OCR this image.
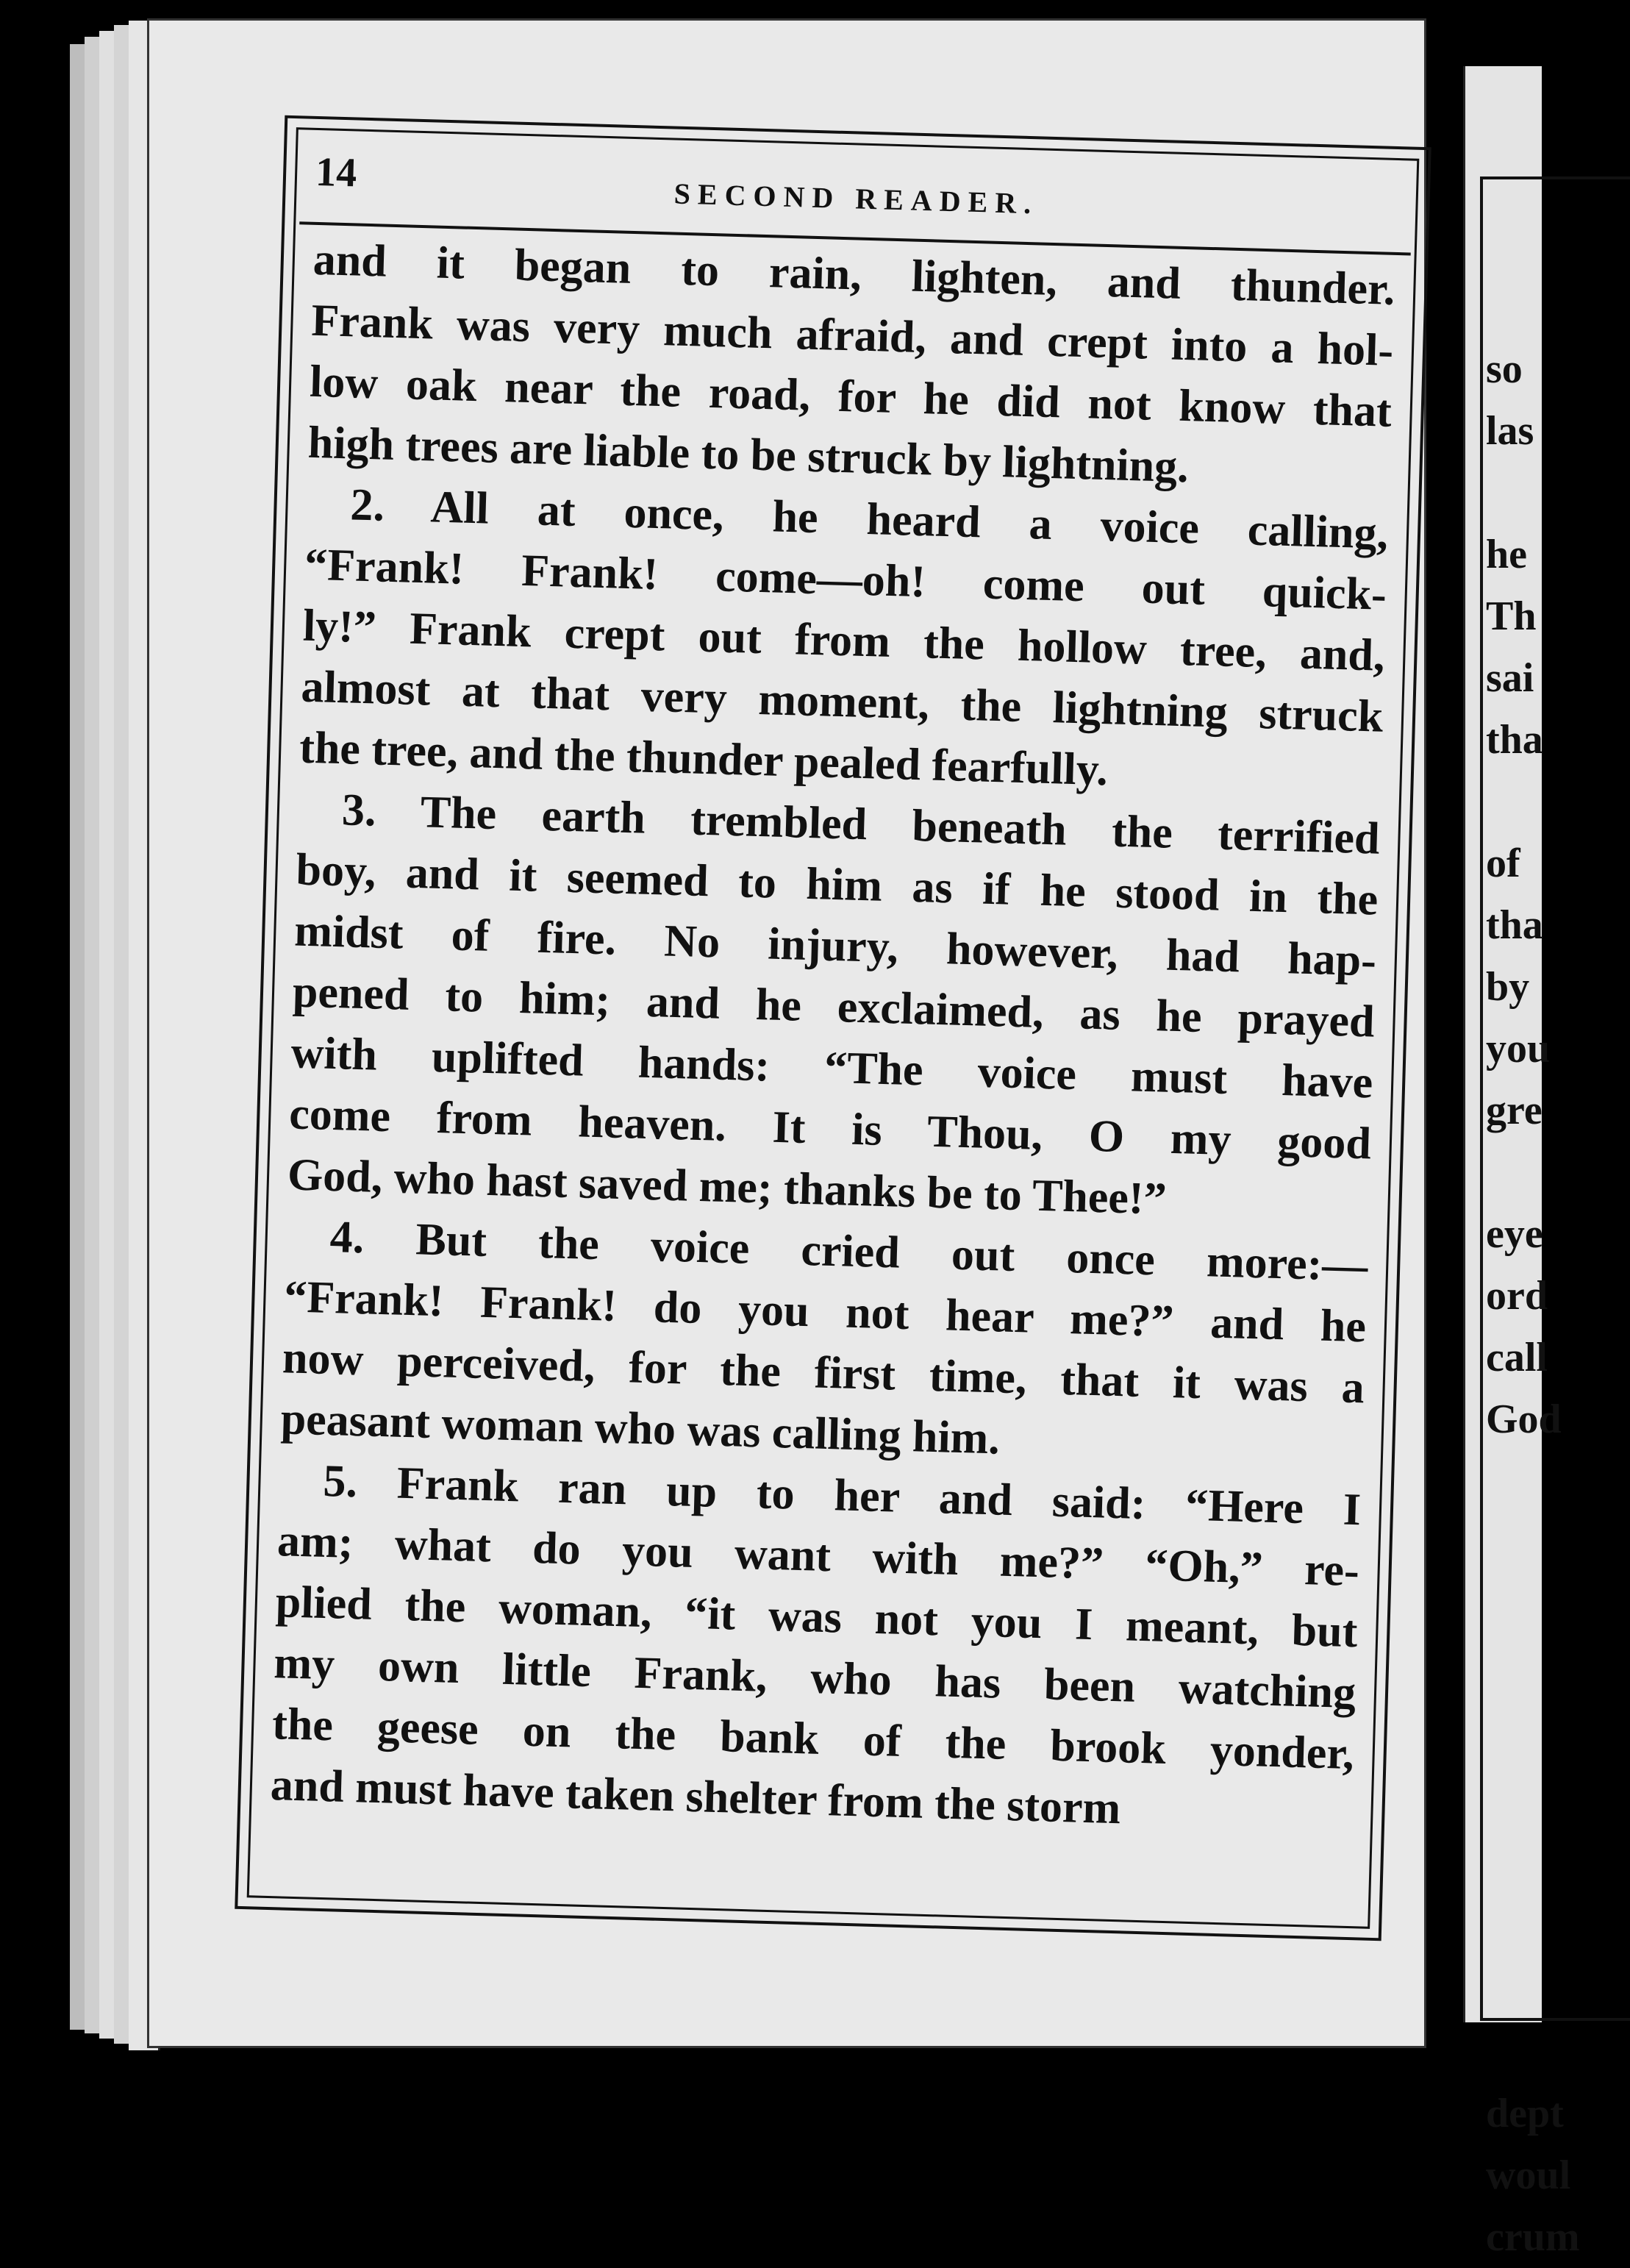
14
SECOND READER.
and it began to rain, lighten, and thunder.
Frank was very much afraid, and crept into a hol-
low oak near the road, for he did not know that
high trees are liable to be struck by lightning.
2. All at once, he heard a voice calling,
“Frank! Frank! come—oh! come out quick-
ly!” Frank crept out from the hollow tree, and,
almost at that very moment, the lightning struck
the tree, and the thunder pealed fearfully.
3. The earth trembled beneath the terrified
boy, and it seemed to him as if he stood in the
midst of fire. No injury, however, had hap-
pened to him; and he exclaimed, as he prayed
with uplifted hands: “The voice must have
come from heaven. It is Thou, O my good
God, who hast saved me; thanks be to Thee!”
4. But the voice cried out once more:—
“Frank! Frank! do you not hear me?” and he
now perceived, for the first time, that it was a
peasant woman who was calling him.
5. Frank ran up to her and said: “Here I
am; what do you want with me?” “Oh,” re-
plied the woman, “it was not you I meant, but
my own little Frank, who has been watching
the geese on the bank of the brook yonder,
and must have taken shelter from the storm
so
las

he
Th
sai
tha

of
tha
by
you
gre

eye
ord
call
God
dept
woul
crum
